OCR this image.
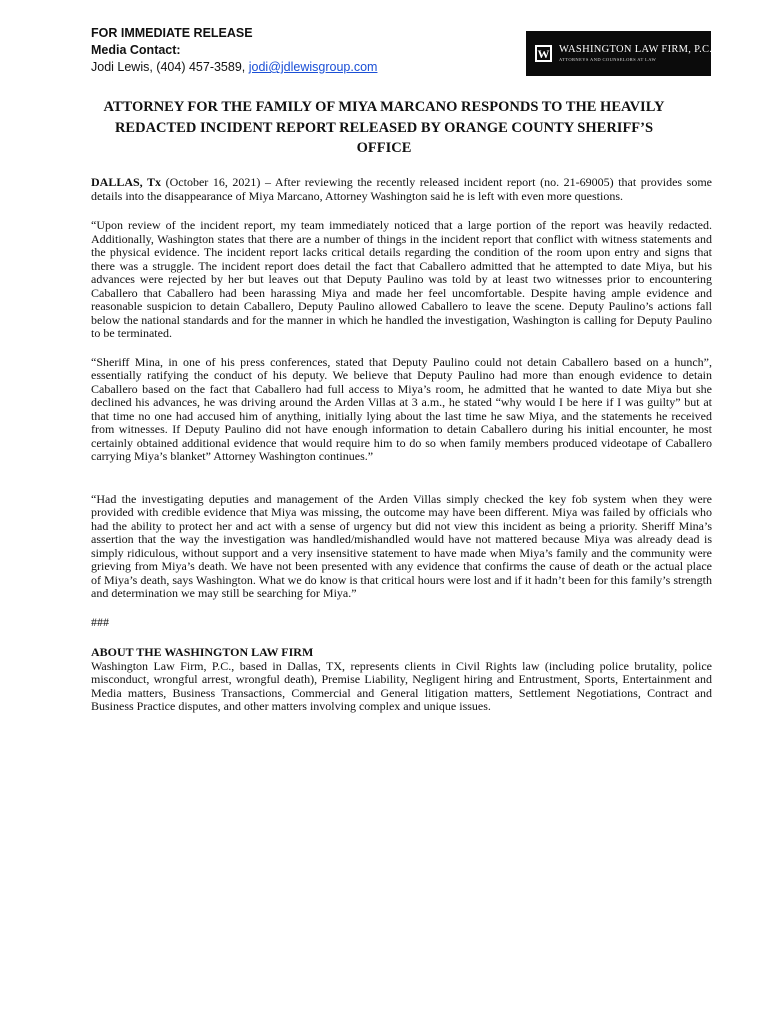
FOR IMMEDIATE RELEASE
Media Contact:
Jodi Lewis, (404) 457-3589, jodi@jdlewisgroup.com
W WASHINGTON LAW FIRM, P.C.
ATTORNEYS AND COUNSELORS AT LAW
ATTORNEY FOR THE FAMILY OF MIYA MARCANO RESPONDS TO THE HEAVILY REDACTED INCIDENT REPORT RELEASED BY ORANGE COUNTY SHERIFF’S OFFICE

DALLAS, Tx (October 16, 2021) – After reviewing the recently released incident report (no. 21-69005) that provides some details into the disappearance of Miya Marcano, Attorney Washington said he is left with even more questions.

“Upon review of the incident report, my team immediately noticed that a large portion of the report was heavily redacted. Additionally, Washington states that there are a number of things in the incident report that conflict with witness statements and the physical evidence. The incident report lacks critical details regarding the condition of the room upon entry and signs that there was a struggle. The incident report does detail the fact that Caballero admitted that he attempted to date Miya, but his advances were rejected by her but leaves out that Deputy Paulino was told by at least two witnesses prior to encountering Caballero that Caballero had been harassing Miya and made her feel uncomfortable. Despite having ample evidence and reasonable suspicion to detain Caballero, Deputy Paulino allowed Caballero to leave the scene. Deputy Paulino’s actions fall below the national standards and for the manner in which he handled the investigation, Washington is calling for Deputy Paulino to be terminated.

“Sheriff Mina, in one of his press conferences, stated that Deputy Paulino could not detain Caballero based on a hunch”, essentially ratifying the conduct of his deputy. We believe that Deputy Paulino had more than enough evidence to detain Caballero based on the fact that Caballero had full access to Miya’s room, he admitted that he wanted to date Miya but she declined his advances, he was driving around the Arden Villas at 3 a.m., he stated “why would I be here if I was guilty” but at that time no one had accused him of anything, initially lying about the last time he saw Miya, and the statements he received from witnesses. If Deputy Paulino did not have enough information to detain Caballero during his initial encounter, he most certainly obtained additional evidence that would require him to do so when family members produced videotape of Caballero carrying Miya’s blanket” Attorney Washington continues.”

“Had the investigating deputies and management of the Arden Villas simply checked the key fob system when they were provided with credible evidence that Miya was missing, the outcome may have been different. Miya was failed by officials who had the ability to protect her and act with a sense of urgency but did not view this incident as being a priority. Sheriff Mina’s assertion that the way the investigation was handled/mishandled would have not mattered because Miya was already dead is simply ridiculous, without support and a very insensitive statement to have made when Miya’s family and the community were grieving from Miya’s death. We have not been presented with any evidence that confirms the cause of death or the actual place of Miya’s death, says Washington. What we do know is that critical hours were lost and if it hadn’t been for this family’s strength and determination we may still be searching for Miya.”

###

ABOUT THE WASHINGTON LAW FIRM

Washington Law Firm, P.C., based in Dallas, TX, represents clients in Civil Rights law (including police brutality, police misconduct, wrongful arrest, wrongful death), Premise Liability, Negligent hiring and Entrustment, Sports, Entertainment and Media matters, Business Transactions, Commercial and General litigation matters, Settlement Negotiations, Contract and Business Practice disputes, and other matters involving complex and unique issues.
